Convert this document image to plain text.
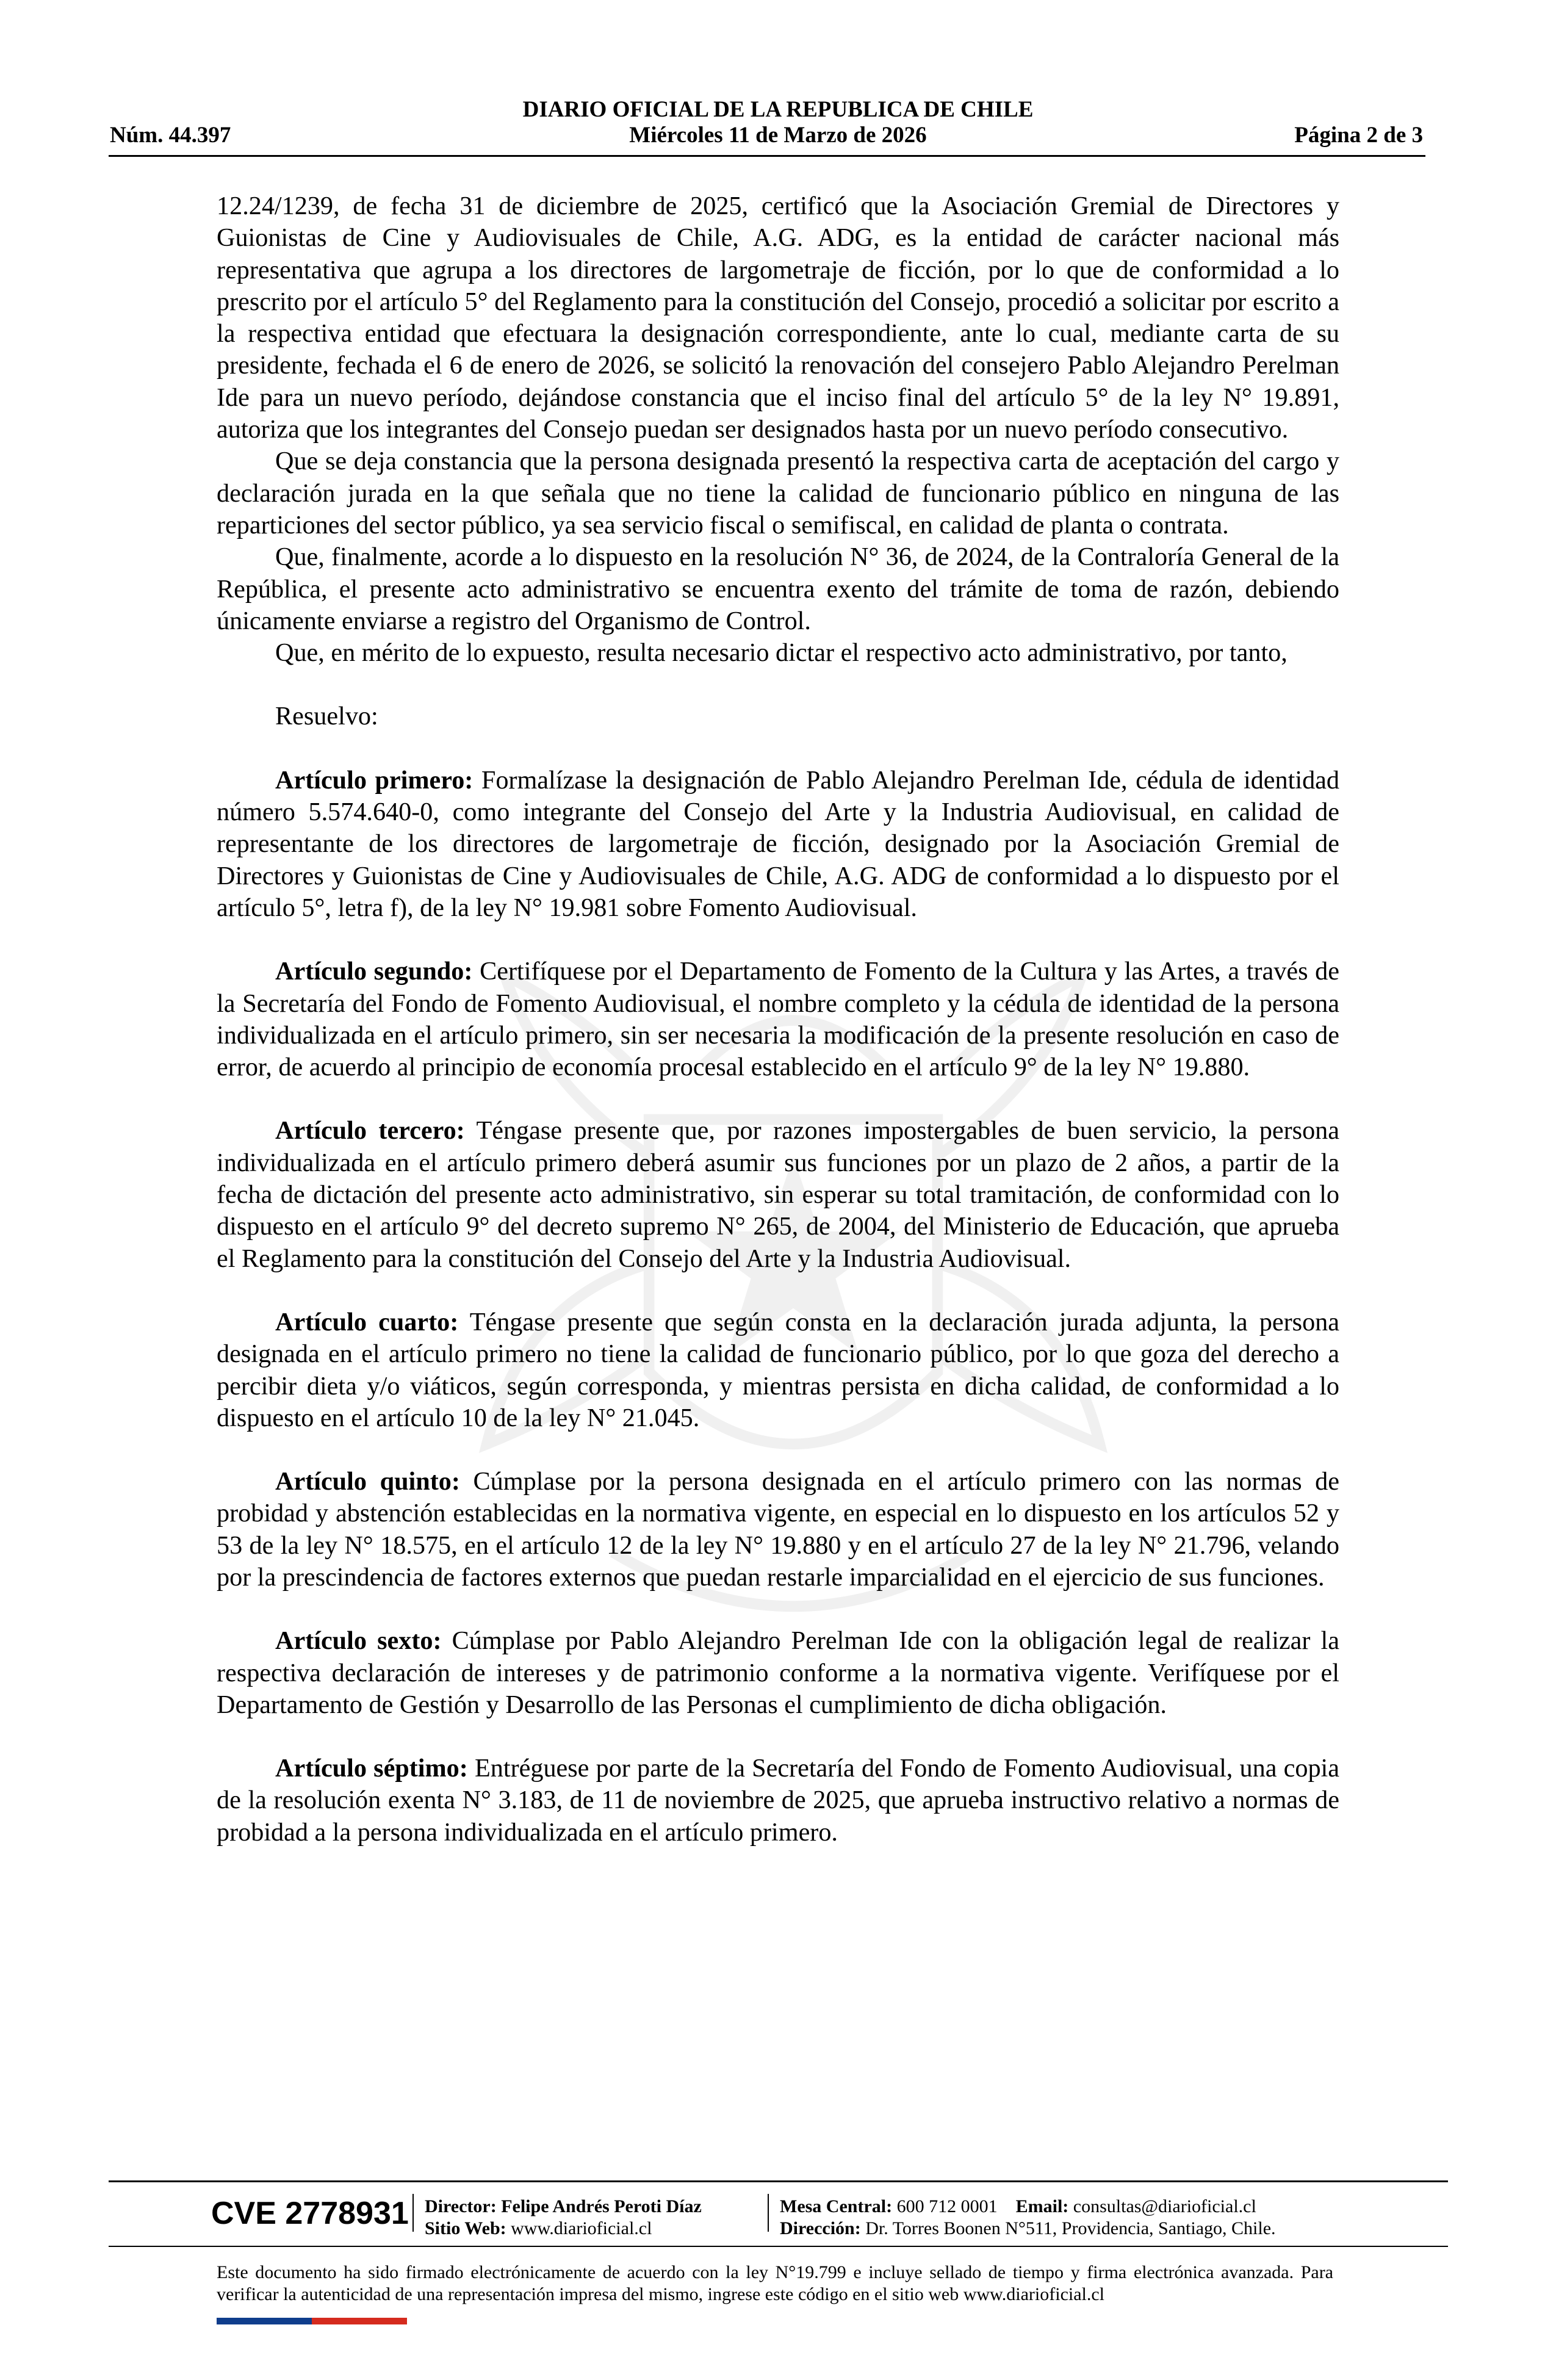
DIARIO OFICIAL DE LA REPUBLICA DE CHILE
Núm. 44.397	Miércoles 11 de Marzo de 2026	Página 2 de 3

12.24/1239, de fecha 31 de diciembre de 2025, certificó que la Asociación Gremial de Directores y Guionistas de Cine y Audiovisuales de Chile, A.G. ADG, es la entidad de carácter nacional más representativa que agrupa a los directores de largometraje de ficción, por lo que de conformidad a lo prescrito por el artículo 5° del Reglamento para la constitución del Consejo, procedió a solicitar por escrito a la respectiva entidad que efectuara la designación correspondiente, ante lo cual, mediante carta de su presidente, fechada el 6 de enero de 2026, se solicitó la renovación del consejero Pablo Alejandro Perelman Ide para un nuevo período, dejándose constancia que el inciso final del artículo 5° de la ley N° 19.891, autoriza que los integrantes del Consejo puedan ser designados hasta por un nuevo período consecutivo.

Que se deja constancia que la persona designada presentó la respectiva carta de aceptación del cargo y declaración jurada en la que señala que no tiene la calidad de funcionario público en ninguna de las reparticiones del sector público, ya sea servicio fiscal o semifiscal, en calidad de planta o contrata.

Que, finalmente, acorde a lo dispuesto en la resolución N° 36, de 2024, de la Contraloría General de la República, el presente acto administrativo se encuentra exento del trámite de toma de razón, debiendo únicamente enviarse a registro del Organismo de Control.

Que, en mérito de lo expuesto, resulta necesario dictar el respectivo acto administrativo, por tanto,

Resuelvo:

Artículo primero: Formalízase la designación de Pablo Alejandro Perelman Ide, cédula de identidad número 5.574.640-0, como integrante del Consejo del Arte y la Industria Audiovisual, en calidad de representante de los directores de largometraje de ficción, designado por la Asociación Gremial de Directores y Guionistas de Cine y Audiovisuales de Chile, A.G. ADG de conformidad a lo dispuesto por el artículo 5°, letra f), de la ley N° 19.981 sobre Fomento Audiovisual.

Artículo segundo: Certifíquese por el Departamento de Fomento de la Cultura y las Artes, a través de la Secretaría del Fondo de Fomento Audiovisual, el nombre completo y la cédula de identidad de la persona individualizada en el artículo primero, sin ser necesaria la modificación de la presente resolución en caso de error, de acuerdo al principio de economía procesal establecido en el artículo 9° de la ley N° 19.880.

Artículo tercero: Téngase presente que, por razones impostergables de buen servicio, la persona individualizada en el artículo primero deberá asumir sus funciones por un plazo de 2 años, a partir de la fecha de dictación del presente acto administrativo, sin esperar su total tramitación, de conformidad con lo dispuesto en el artículo 9° del decreto supremo N° 265, de 2004, del Ministerio de Educación, que aprueba el Reglamento para la constitución del Consejo del Arte y la Industria Audiovisual.

Artículo cuarto: Téngase presente que según consta en la declaración jurada adjunta, la persona designada en el artículo primero no tiene la calidad de funcionario público, por lo que goza del derecho a percibir dieta y/o viáticos, según corresponda, y mientras persista en dicha calidad, de conformidad a lo dispuesto en el artículo 10 de la ley N° 21.045.

Artículo quinto: Cúmplase por la persona designada en el artículo primero con las normas de probidad y abstención establecidas en la normativa vigente, en especial en lo dispuesto en los artículos 52 y 53 de la ley N° 18.575, en el artículo 12 de la ley N° 19.880 y en el artículo 27 de la ley N° 21.796, velando por la prescindencia de factores externos que puedan restarle imparcialidad en el ejercicio de sus funciones.

Artículo sexto: Cúmplase por Pablo Alejandro Perelman Ide con la obligación legal de realizar la respectiva declaración de intereses y de patrimonio conforme a la normativa vigente. Verifíquese por el Departamento de Gestión y Desarrollo de las Personas el cumplimiento de dicha obligación.

Artículo séptimo: Entréguese por parte de la Secretaría del Fondo de Fomento Audiovisual, una copia de la resolución exenta N° 3.183, de 11 de noviembre de 2025, que aprueba instructivo relativo a normas de probidad a la persona individualizada en el artículo primero.

CVE 2778931 Director: Felipe Andrés Peroti Díaz
Sitio Web: www.diarioficial.cl
Mesa Central: 600 712 0001 Email: consultas@diarioficial.cl
Dirección: Dr. Torres Boonen N°511, Providencia, Santiago, Chile.
Este documento ha sido firmado electrónicamente de acuerdo con la ley N°19.799 e incluye sellado de tiempo y firma electrónica avanzada. Para verificar la autenticidad de una representación impresa del mismo, ingrese este código en el sitio web www.diarioficial.cl
